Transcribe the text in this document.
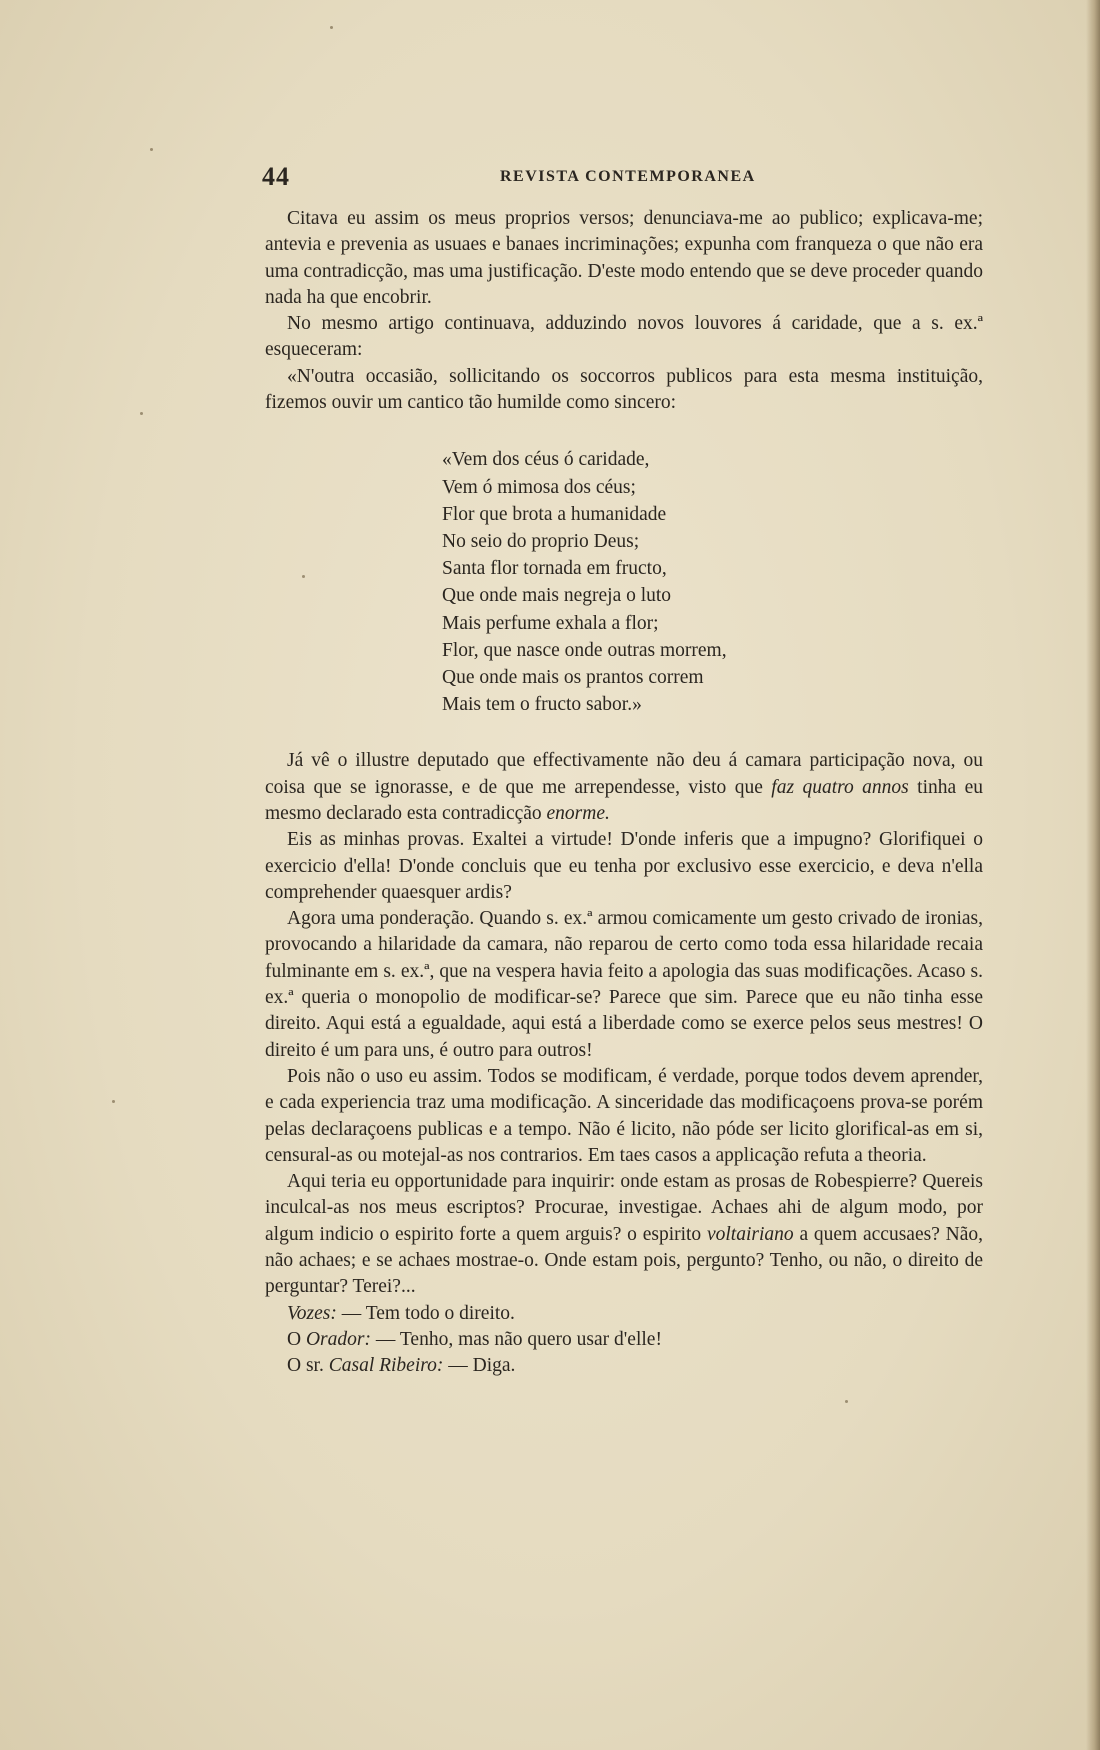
44	REVISTA CONTEMPORANEA

Citava eu assim os meus proprios versos; denunciava-me ao publico; explicava-me; antevia e prevenia as usuaes e banaes incriminações; expunha com franqueza o que não era uma contradicção, mas uma justificação. D'este modo entendo que se deve proceder quando nada ha que encobrir.

No mesmo artigo continuava, adduzindo novos louvores á caridade, que a s. ex.ª esqueceram:

«N'outra occasião, sollicitando os soccorros publicos para esta mesma instituição, fizemos ouvir um cantico tão humilde como sincero:

«Vem dos céus ó caridade,
Vem ó mimosa dos céus;
Flor que brota a humanidade
No seio do proprio Deus;
Santa flor tornada em fructo,
Que onde mais negreja o luto
Mais perfume exhala a flor;
Flor, que nasce onde outras morrem,
Que onde mais os prantos correm
Mais tem o fructo sabor.»

Já vê o illustre deputado que effectivamente não deu á camara participação nova, ou coisa que se ignorasse, e de que me arrependesse, visto que faz quatro annos tinha eu mesmo declarado esta contradicção enorme.

Eis as minhas provas. Exaltei a virtude! D'onde inferis que a impugno? Glorifiquei o exercicio d'ella! D'onde concluis que eu tenha por exclusivo esse exercicio, e deva n'ella comprehender quaesquer ardis?

Agora uma ponderação. Quando s. ex.ª armou comicamente um gesto crivado de ironias, provocando a hilaridade da camara, não reparou de certo como toda essa hilaridade recaia fulminante em s. ex.ª, que na vespera havia feito a apologia das suas modificações. Acaso s. ex.ª queria o monopolio de modificar-se? Parece que sim. Parece que eu não tinha esse direito. Aqui está a egualdade, aqui está a liberdade como se exerce pelos seus mestres! O direito é um para uns, é outro para outros!

Pois não o uso eu assim. Todos se modificam, é verdade, porque todos devem aprender, e cada experiencia traz uma modificação. A sinceridade das modificaçoens prova-se porém pelas declaraçoens publicas e a tempo. Não é licito, não póde ser licito glorifical-as em si, censural-as ou motejal-as nos contrarios. Em taes casos a applicação refuta a theoria.

Aqui teria eu opportunidade para inquirir: onde estam as prosas de Robespierre? Quereis inculcal-as nos meus escriptos? Procurae, investigae. Achaes ahi de algum modo, por algum indicio o espirito forte a quem arguis? o espirito voltairiano a quem accusaes? Não, não achaes; e se achaes mostrae-o. Onde estam pois, pergunto? Tenho, ou não, o direito de perguntar? Terei?...

Vozes: — Tem todo o direito.

O Orador: — Tenho, mas não quero usar d'elle!

O sr. Casal Ribeiro: — Diga.
